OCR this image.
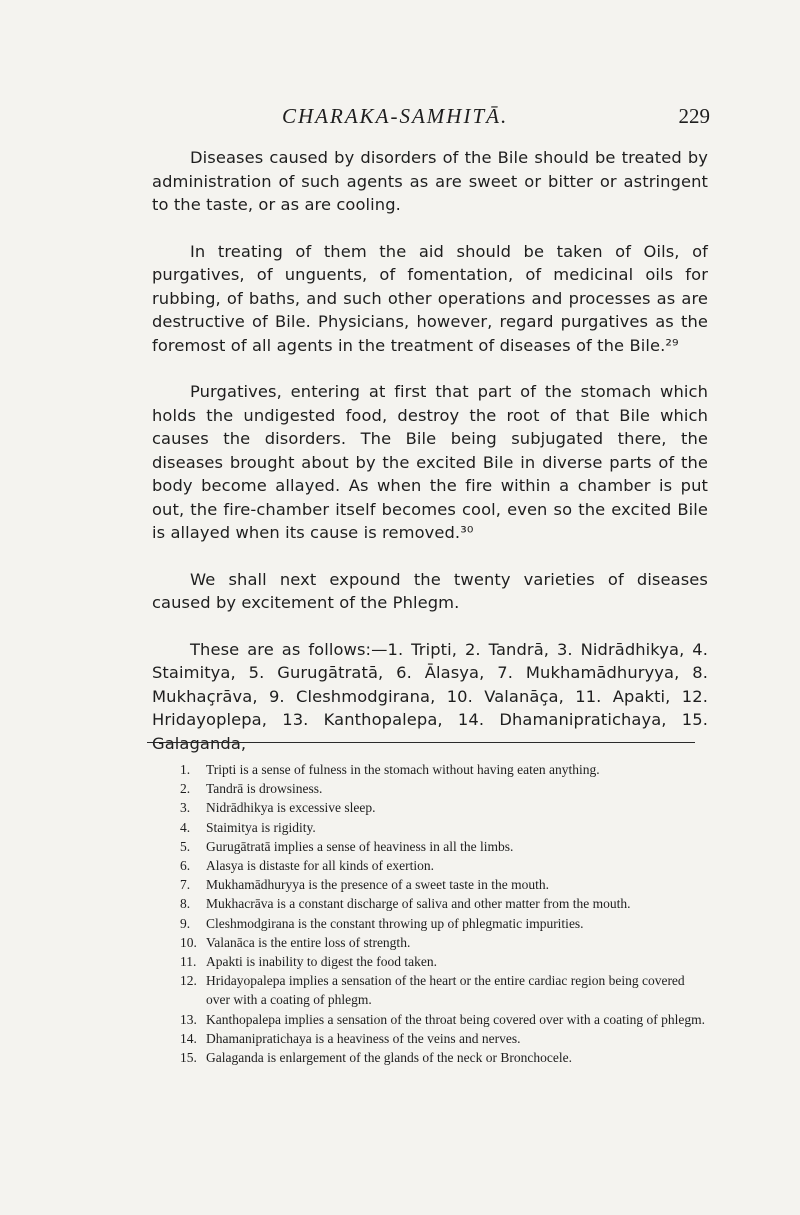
CHARAKA-SAMHITĀ.	229

Diseases caused by disorders of the Bile should be treated by administration of such agents as are sweet or bitter or astringent to the taste, or as are cooling.

In treating of them the aid should be taken of Oils, of purgatives, of unguents, of fomentation, of medicinal oils for rubbing, of baths, and such other operations and processes as are destructive of Bile. Physicians, however, regard purgatives as the foremost of all agents in the treatment of diseases of the Bile.²⁹

Purgatives, entering at first that part of the stomach which holds the undigested food, destroy the root of that Bile which causes the disorders. The Bile being subjugated there, the diseases brought about by the excited Bile in diverse parts of the body become allayed. As when the fire within a chamber is put out, the fire-chamber itself becomes cool, even so the excited Bile is allayed when its cause is removed.³⁰

We shall next expound the twenty varieties of diseases caused by excitement of the Phlegm.

These are as follows:—1. Tripti, 2. Tandrā, 3. Nidrādhikya, 4. Staimitya, 5. Gurugātratā, 6. Ālasya, 7. Mukhamādhuryya, 8. Mukhaçrāva, 9. Cleshmodgirana, 10. Valanāça, 11. Apakti, 12. Hridayoplepa, 13. Kanthopalepa, 14. Dhamanipratichaya, 15. Galaganda,

1. Tripti is a sense of fulness in the stomach without having eaten anything.
2. Tandrā is drowsiness.
3. Nidrādhikya is excessive sleep.
4. Staimitya is rigidity.
5. Gurugātratā implies a sense of heaviness in all the limbs.
6. Alasya is distaste for all kinds of exertion.
7. Mukhamādhuryya is the presence of a sweet taste in the mouth.
8. Mukhacrāva is a constant discharge of saliva and other matter from the mouth.
9. Cleshmodgirana is the constant throwing up of phlegmatic impurities.
10. Valanāca is the entire loss of strength.
11. Apakti is inability to digest the food taken.
12. Hridayopalepa implies a sensation of the heart or the entire cardiac region being covered over with a coating of phlegm.
13. Kanthopalepa implies a sensation of the throat being covered over with a coating of phlegm.
14. Dhamanipratichaya is a heaviness of the veins and nerves.
15. Galaganda is enlargement of the glands of the neck or Bronchocele.
